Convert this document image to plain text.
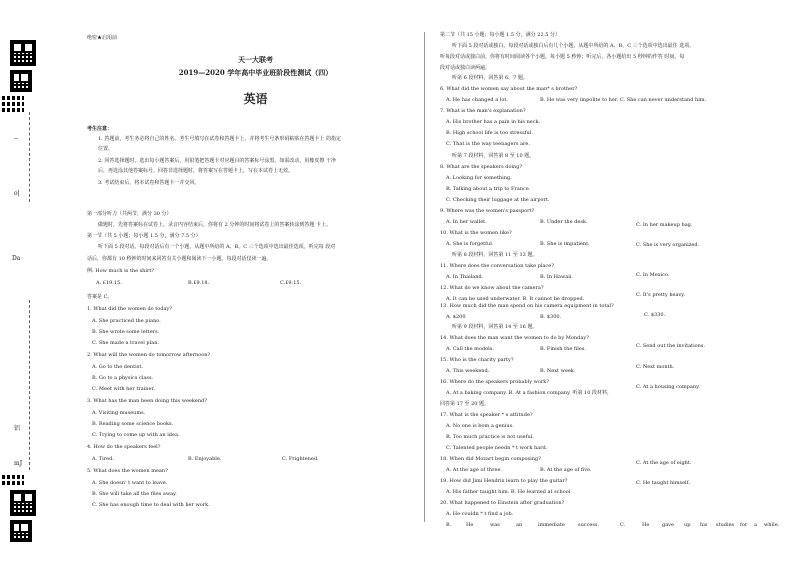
--
o|
Da
铝
mJ
绝密★启用前
天一大联考
2019—2020 学年高中毕业班阶段性测试（四）
英语
考生注意：
1. 答题前，考生务必将自己的姓名、考生号填写在试卷和答题卡上，并将考生号条形码粘贴在答题卡上 的指定
位置。
2. 回答选择题时，选出每小题答案后，用铅笔把答题卡对应题目的答案标号涂黑。如需改动，用橡皮擦 干净
后，再选涂其他答案标号。回答非选择题时，将答案写在答题卡上，写在本试卷上无效。
3. 考试结束后，将本试卷和答题卡一并交回。
第一部分听力（共两节，满分 30 分）
做题时，先将答案标在试卷上。录音内容结束后，你将有 2 分钟的时间将试卷上的答案转涂到答题 卡上。
第一节（共 5 小题；每小题 1.5 分，满分 7.5 分）
听下面 5 段对话。每段对话后有一个小题，从题中所给的 A、B、C 三个选项中选出最佳选项。听完每 段对
话后，你都有 10 秒钟的时间来回答有关小题和阅读下一小题。每段对话仅读一遍。
例: How much is the shirt?
A. £19.15.	B.£9.18.	C.£9.15.
答案是 C。
1. What did the women do today?
A. She practiced the piano.
B. She wrote some letters.
C. She made a travel plan.
2. What will the women do tomorrow afternoon?
A. Go to the dentist.
B. Go to a physics class.
C. Meet with her trainer.
3. What has the man been doing this weekend?
A. Visiting museums.
B. Reading some science books.
C. Trying to come up with an idea.
4. How do the speakers feel?
A. Tired.	B. Enjoyable.	C. Frightened.
5. What does the women mean?
A. She doesn’ t want to leave.
B. She will take all the files away.
C. She has enough time to deal with her work.
第二节（共 15 小题；每小题 1.5 分，满分 22.5 分）
听下面 5 段对话或独白。每段对话或独白后有几个小题，从题中所给的 A、B、C 三个选项中选出最佳 选项。
听每段对话或独白前，你将有时间阅读各个小题，每小题 5 秒钟；听完后，各小题给出 5 秒钟的作答 时间。每
段对话或独白读两遍。
听第 6 段材料，回答第 6、7 题。
6. What did the women say about the man* s brother?
A. He has changed a lot.	B. He was very impolite to her. C. She can never understand him.
7. What is the man's explanation?
A. His brother has a pain in his neck.
B. High school life is too stressful.
C. That is the way teenagers are.
听第 7 段材料，回答第 8 至 10 题。
8. What are the speakers doing?
A. Looking for something.
B. Talking about a trip to France.
C. Checking their luggage at the airport.
9. Where was the women's passport?
A. In her wallet.	B. Under the desk.	C. In her makeup bag.
10. What is the women like?
A. She is forgetful.	B. She is impatient.	C. She is very organized.
听第 8 段材料，回答第 11 至 13 题。
11. Where does the conversation take place?
A. In Thailand.	B. In Hawaii.	C. In Mexico.
12. What do we know about the camera?
A. It can be used underwater. B. It cannot be dropped.
C. It's pretty heavy.
13. How much did the man spend on his camera equipment in total?
A. $200	B. $300.	C. $330.
听第 9 段材料，回答第 14 至 16 题。
14. What does the man want the women to do by Monday?
A. Call the models.	B. Finish the files.	C. Send out the invitations.
15. Who is the charity party?
A. This weekend.	B. Next week.
C. Next month.
16. Where do the speakers probably work?
A. At a baking company. B. At a fashion company. 听第 10 段材料，
回答第 17 至 20 题。
C. At a housing company.
17. What is the speaker * s attitude?
A. No one is bom a genius.
B. Too much practice is not useful.
C. Talented people needn * t work hard.
18. When did Mozart begin composing?
A. At the age of three.	B. At the age of five.
C. At the age of eight.
19. How did Jimi Hendrix learn to play the guitar?
A. His father taught him. B. He learned at school
C. He taught himself.
20. What happened to Einstein after graduation?
A. He couldn * t find a job.
B.	He	was	an	immediate	success.	C.	He	gave up his studies for a while.
